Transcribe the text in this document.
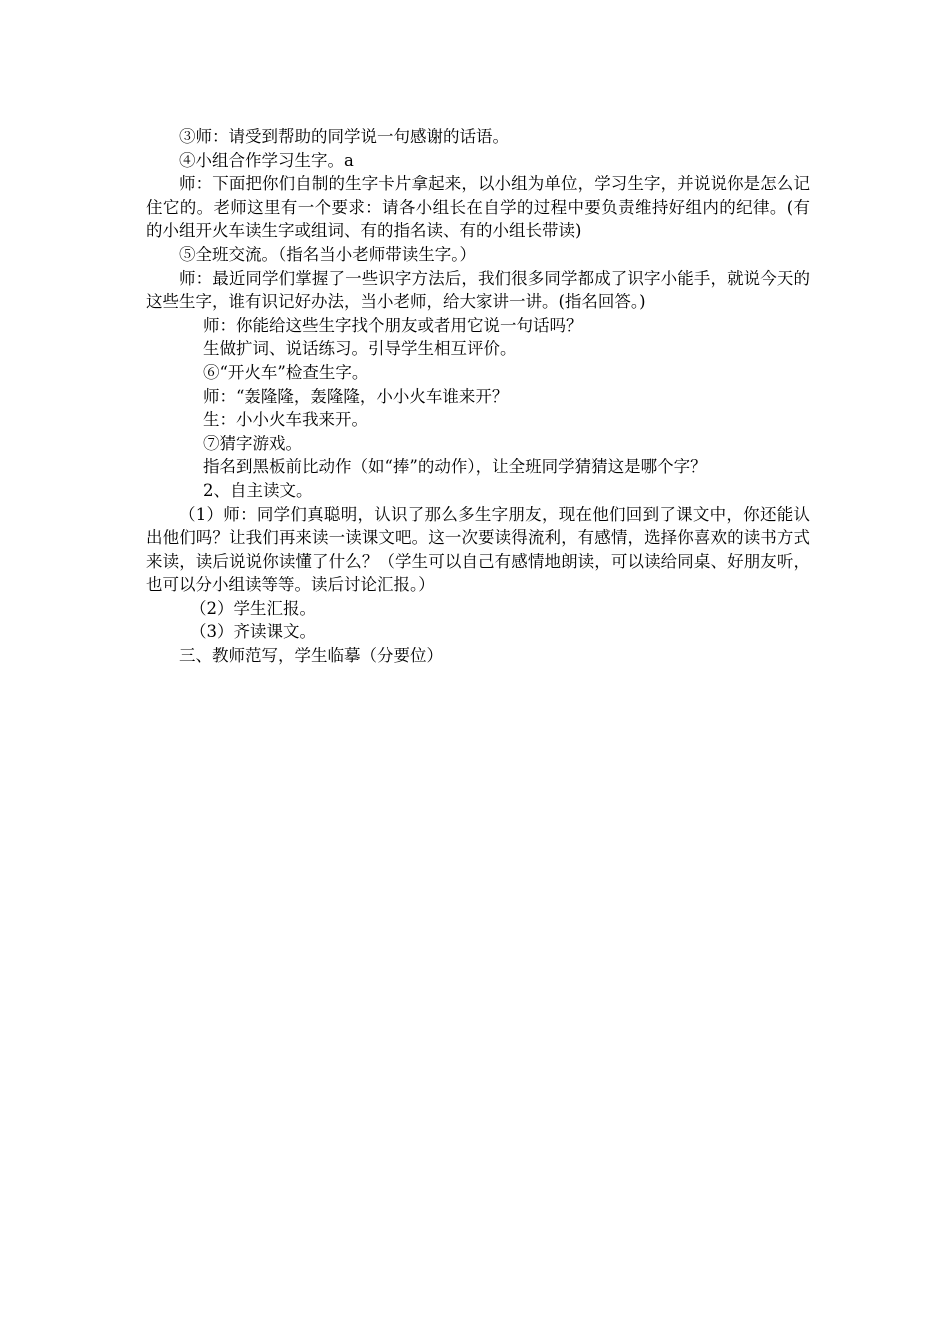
③师：请受到帮助的同学说一句感谢的话语。
④小组合作学习生字。a

师：下面把你们自制的生字卡片拿起来，以小组为单位，学习生字，并说说你是怎么记住它的。老师这里有一个要求：请各小组长在自学的过程中要负责维持好组内的纪律。(有的小组开火车读生字或组词、有的指名读、有的小组长带读)

⑤全班交流。（指名当小老师带读生字。）

师：最近同学们掌握了一些识字方法后，我们很多同学都成了识字小能手，就说今天的这些生字，谁有识记好办法，当小老师，给大家讲一讲。(指名回答。)

师：你能给这些生字找个朋友或者用它说一句话吗？
生做扩词、说话练习。引导学生相互评价。
⑥“开火车”检查生字。
师：“轰隆隆，轰隆隆，小小火车谁来开？
生：小小火车我来开。
⑦猜字游戏。
指名到黑板前比动作（如“捧”的动作），让全班同学猜猜这是哪个字？
2、自主读文。

（1）师：同学们真聪明，认识了那么多生字朋友，现在他们回到了课文中，你还能认出他们吗？让我们再来读一读课文吧。这一次要读得流利，有感情，选择你喜欢的读书方式来读，读后说说你读懂了什么？（学生可以自己有感情地朗读，可以读给同桌、好朋友听，也可以分小组读等等。读后讨论汇报。）

（2）学生汇报。
（3）齐读课文。
三、教师范写，学生临摹（分要位）
